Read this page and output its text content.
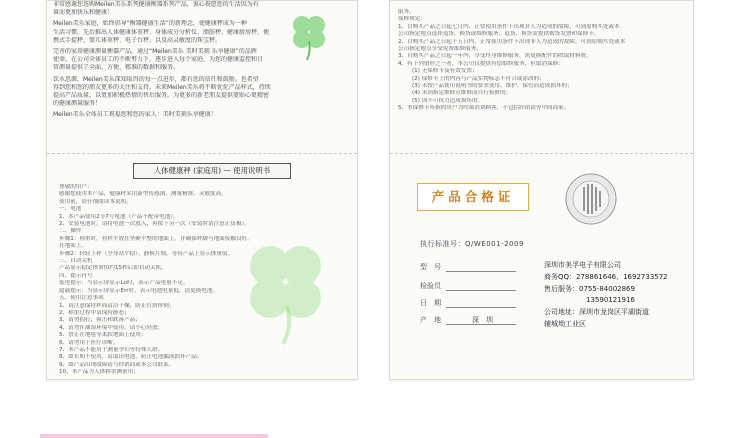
非常感谢您选购Meilen美乐系列健康衡器系列产品，衷心祝愿您的生活因为有

量而更加快乐和健康！

Meilen美乐家庭，始终倡导“衡器健康生活”的新理念，使健康秤成为一种

生活习惯。先后推出人体健康体重秤、身体成分分析仪、脂肪秤、健康厨房秤、便

携式手提秤、婴儿体重秤、电子台秤，以及高灵敏度的珠宝秤。

完善的家用健康测量衡器产品，通过“Meilen美乐 美时美刻 乐享健康”的品牌

使命，在公司全体员工的不断努力下，逐步进入每个家庭，为您的健康监控和日

常测量提供了全面、方便、精准的数据和服务。

饮水思源，Meilen美乐深知取得的每一点进步，都有您的信任和鼓励。也希望

得到您和您的朋友更多的关注和支持。未来Meilen美乐将不断优化产品样式，持续

提高产品质量，以更加积极热情的售后服务，为更多的新老朋友提供更贴心更精密

的健康测量服务！

Meilen美乐全体员工祝福您和您的家人：美时美刻乐享健康！

人体健康秤 (家庭用) — 使用说明书

尊敬的用户：

感谢您使用本产品，健康秤采用新型传感器，测量精准，灵敏度高，

使用前，请仔细阅读本说明。

一、电池

1、本产品使用2节7号电池（产品不配带电池）。

2、安装电池时，请将电池一次放入，再按下另一次（安装时请注意正负极）。

二、操作

步骤1：称重时，将秤平放在坚硬平整的地面上，并确保秤脚与地面接触良好。

在地面上。

步骤2：轻轻上秤（全身站平稳），静候片刻，等待产品上显示体重值。

三、自动关机

产品显示稳定体重值约15秒后即自动关机。

四、提示符号

低电提示：当显示屏显示Lo时，表示产品电量不足。

超载提示：当显示屏显示Err时，表示电池电量低，请更换电池。

五、使用注意事项

1、请注意保持秤面清洁干燥，防止打滑摔倒；

2、称重过程中请保持静态；

3、请勿拍打，撞击和跌落产品；

4、请勿在潮湿环境中使用，请小心轻放；

5、禁止在地毯等柔软地面上使用；

6、请勿用于医疗诊断。

7、本产品不能用于测量孕妇等特殊人群；

8、如长期不使用，请取出电池，防止电池漏液损坏产品；

9、如产品出现故障请与经销商或本公司联系。

10、本产品为人体称重测量用；

服务。

保修规定：

1、自购买产品之日起七日内，正常使用条件下出现非人为造成的故障，可到原购买处或本

公司指定地点选择退货、换货或维修服务。退货、换货需提供购货发票和保修卡。

2、自购买产品之日起十五日内，正常使用条件下出现非人为造成的故障，可到原购买处或本

公司指定地点享受免费维修服务。

3、自购买产品之日起一年内，享受终身维修服务，需更换配件的收取材料费。

4、有下列情形之一者，本公司仅提供有偿维修服务，但取消保修：

(1) 无保修卡及有效发票；

(2) 保修卡上的内容与产品实物标志不符合或涂改的；

(3) 未按产品使用说明书的要求使用、维护、保管而造成损坏的；

(4) 未到指定维修点维修而自行拆修的；

(5) 因不可抗力造成损坏的。

5、本保修卡所指的用户为终端消费顾客，不包括经销商等中间商家。

产品合格证
执行标准号：Q/WE001-2009
型　号
检验员
日　期
产　地	深　圳

深圳市美孚电子有限公司

商务QQ：278861646、1692733572

售后服务：0755-84002869

13590121916

公司地址：深圳市龙岗区平湖街道

辅城坳工业区
